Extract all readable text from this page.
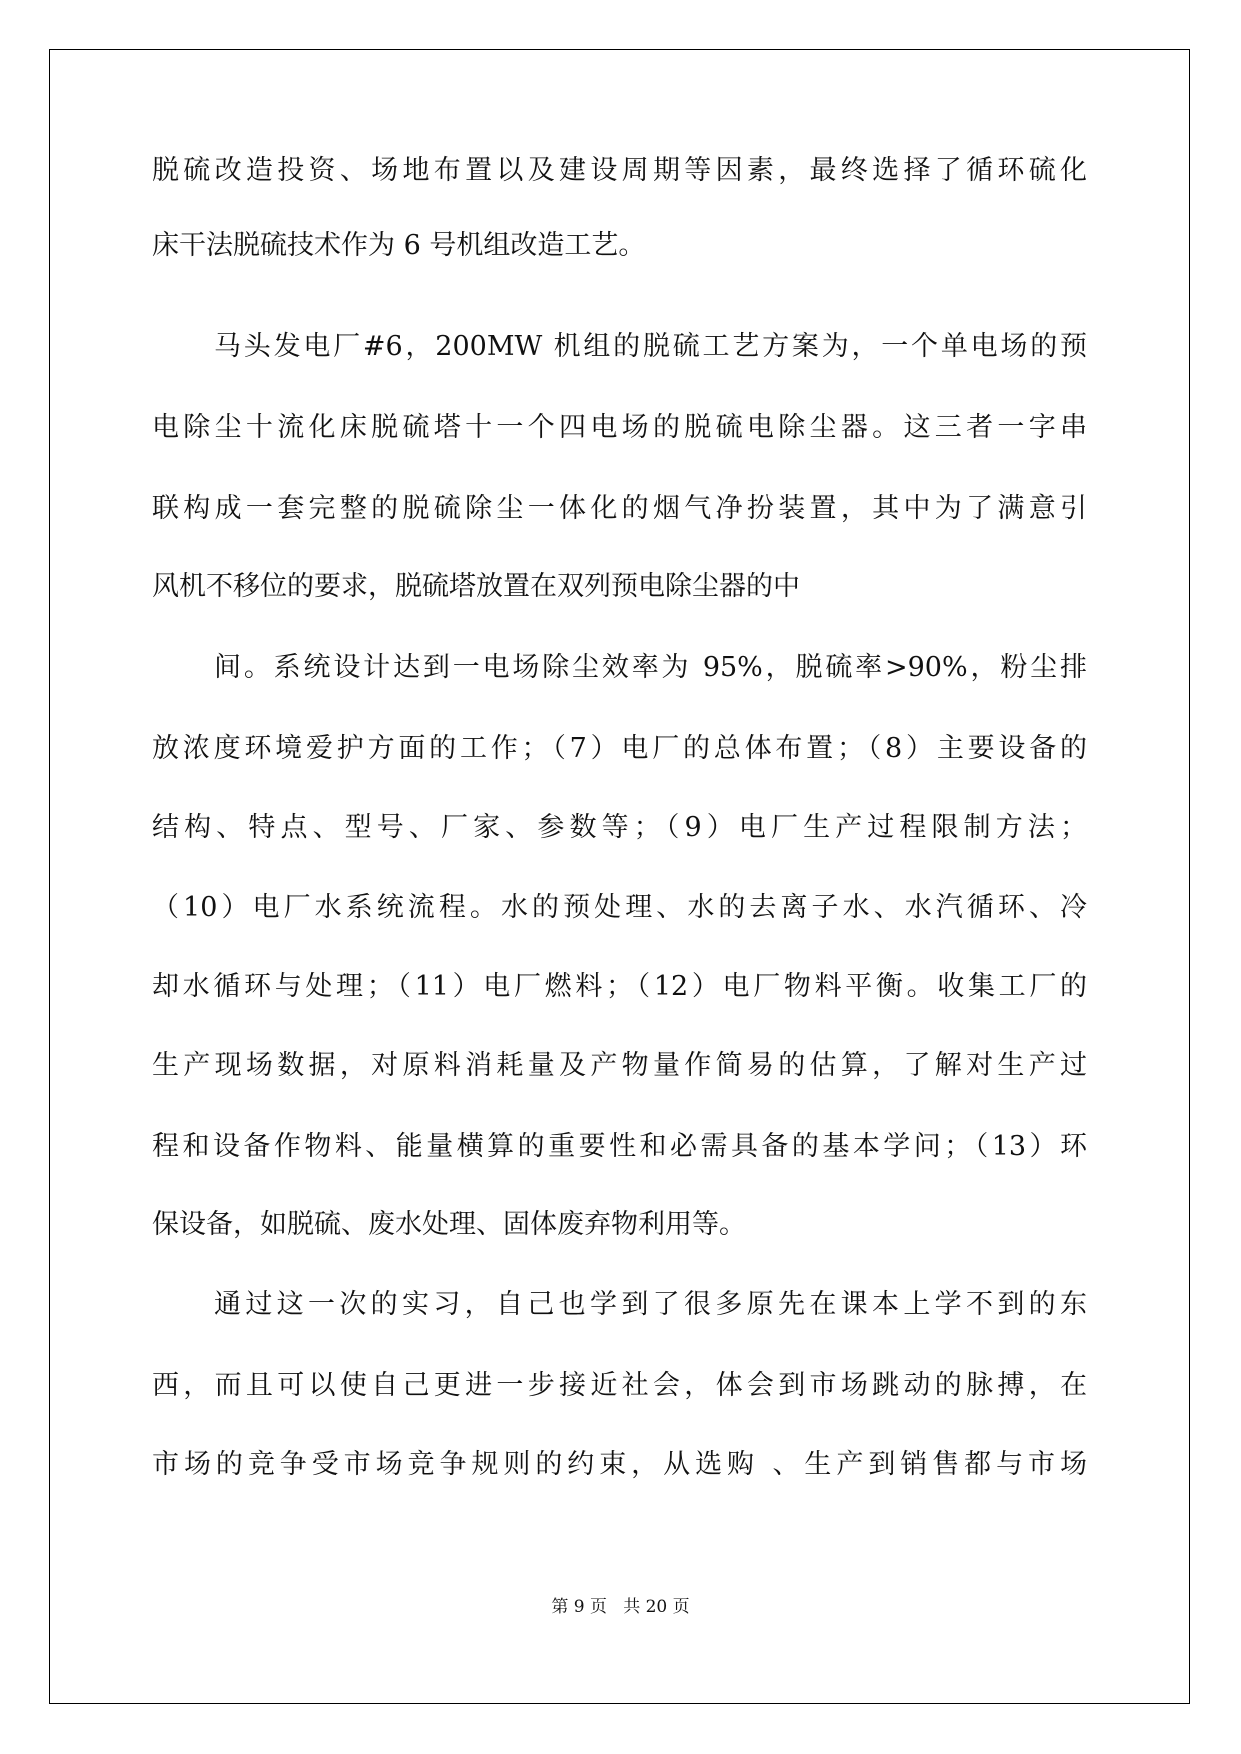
脱硫改造投资、场地布置以及建设周期等因素，最终选择了循环硫化
床干法脱硫技术作为 6 号机组改造工艺。
马头发电厂#6，200MW 机组的脱硫工艺方案为，一个单电场的预
电除尘十流化床脱硫塔十一个四电场的脱硫电除尘器。这三者一字串
联构成一套完整的脱硫除尘一体化的烟气净扮装置，其中为了满意引
风机不移位的要求，脱硫塔放置在双列预电除尘器的中
间。系统设计达到一电场除尘效率为 95%，脱硫率>90%，粉尘排
放浓度环境爱护方面的工作；（7）电厂的总体布置；（8）主要设备的
结构、特点、型号、厂家、参数等；（9）电厂生产过程限制方法；
（10）电厂水系统流程。水的预处理、水的去离子水、水汽循环、冷
却水循环与处理；（11）电厂燃料；（12）电厂物料平衡。收集工厂的
生产现场数据，对原料消耗量及产物量作简易的估算，了解对生产过
程和设备作物料、能量横算的重要性和必需具备的基本学问；（13）环
保设备，如脱硫、废水处理、固体废弃物利用等。
通过这一次的实习，自己也学到了很多原先在课本上学不到的东
西，而且可以使自己更进一步接近社会，体会到市场跳动的脉搏，在
市场的竞争受市场竞争规则的约束，从选购 、生产到销售都与市场
第 9 页 共 20 页
